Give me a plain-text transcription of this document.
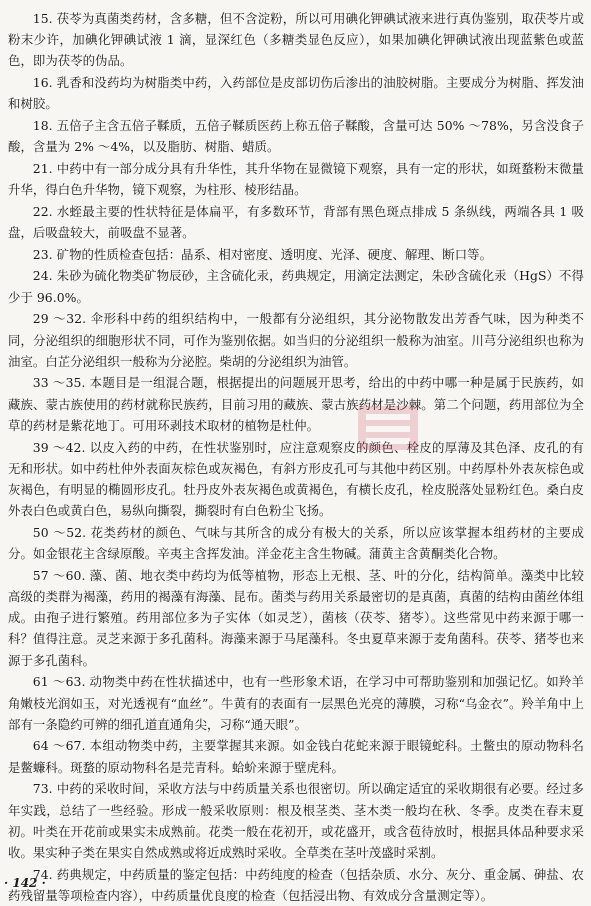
15. 茯苓为真菌类药材，含多糖，但不含淀粉，所以可用碘化钾碘试液来进行真伪鉴别，取茯苓片或粉末少许，加碘化钾碘试液 1 滴，显深红色（多糖类显色反应），如果加碘化钾碘试液出现蓝紫色或蓝色，即为茯苓的伪品。

16. 乳香和没药均为树脂类中药，入药部位是皮部切伤后渗出的油胶树脂。主要成分为树脂、挥发油和树胶。

18. 五倍子主含五倍子鞣质，五倍子鞣质医药上称五倍子鞣酸，含量可达 50% ～78%，另含没食子酸，含量为 2% ～4%，以及脂肪、树脂、蜡质。

21. 中药中有一部分成分具有升华性，其升华物在显微镜下观察，具有一定的形状，如斑蝥粉末微量升华，得白色升华物，镜下观察，为柱形、棱形结晶。

22. 水蛭最主要的性状特征是体扁平，有多数环节，背部有黑色斑点排成 5 条纵线，两端各具 1 吸盘，后吸盘较大，前吸盘不显著。

23. 矿物的性质检查包括：晶系、相对密度、透明度、光泽、硬度、解理、断口等。

24. 朱砂为硫化物类矿物辰砂，主含硫化汞，药典规定，用滴定法测定，朱砂含硫化汞（HgS）不得少于 96.0%。

29 ～32. 伞形科中药的组织结构中，一般都有分泌组织，其分泌物散发出芳香气味，因为种类不同，分泌组织的细胞形状不同，可作为鉴别依据。如当归的分泌组织一般称为油室。川芎分泌组织也称为油室。白芷分泌组织一般称为分泌腔。柴胡的分泌组织为油管。

33 ～35. 本题目是一组混合题，根据提出的问题展开思考，给出的中药中哪一种是属于民族药，如藏族、蒙古族使用的药材就称民族药，目前习用的藏族、蒙古族药材是沙棘。第二个问题，药用部位为全草的药材是紫花地丁。可用环剥技术取材的植物是杜仲。

39 ～42. 以皮入药的中药，在性状鉴别时，应注意观察皮的颜色、栓皮的厚薄及其色泽、皮孔的有无和形状。如中药杜仲外表面灰棕色或灰褐色，有斜方形皮孔可与其他中药区别。中药厚朴外表灰棕色或灰褐色，有明显的椭圆形皮孔。牡丹皮外表灰褐色或黄褐色，有横长皮孔，栓皮脱落处显粉红色。桑白皮外表白色或黄白色，易纵向撕裂，撕裂时有白色粉尘飞扬。

50 ～52. 花类药材的颜色、气味与其所含的成分有极大的关系，所以应该掌握本组药材的主要成分。如金银花主含绿原酸。辛夷主含挥发油。洋金花主含生物碱。蒲黄主含黄酮类化合物。

57 ～60. 藻、菌、地衣类中药均为低等植物，形态上无根、茎、叶的分化，结构简单。藻类中比较高级的类群为褐藻，药用的褐藻有海藻、昆布。菌类与药用关系最密切的是真菌，真菌的结构由菌丝体组成。由孢子进行繁殖。药用部位多为子实体（如灵芝），菌核（茯苓、猪苓）。这些常见中药来源于哪一科？值得注意。灵芝来源于多孔菌科。海藻来源于马尾藻科。冬虫夏草来源于麦角菌科。茯苓、猪苓也来源于多孔菌科。

61 ～63. 动物类中药在性状描述中，也有一些形象术语，在学习中可帮助鉴别和加强记忆。如羚羊角嫩枝光润如玉，对光透视有“血丝”。牛黄有的表面有一层黑色光亮的薄膜，习称“乌金衣”。羚羊角中上部有一条隐约可辨的细孔道直通角尖，习称“通天眼”。

64 ～67. 本组动物类中药，主要掌握其来源。如金钱白花蛇来源于眼镜蛇科。土鳖虫的原动物科名是鳖蠊科。斑蝥的原动物科名是芫青科。蛤蚧来源于壁虎科。

73. 中药的采收时间，采收方法与中药质量关系也很密切。所以确定适宜的采收期很有必要。经过多年实践，总结了一些经验。形成一般采收原则：根及根茎类、茎木类一般均在秋、冬季。皮类在春末夏初。叶类在开花前或果实未成熟前。花类一般在花初开，或花盛开，或含苞待放时，根据具体品种要求采收。果实种子类在果实自然成熟或将近成熟时采收。全草类在茎叶茂盛时采割。

74. 药典规定，中药质量的鉴定包括：中药纯度的检查（包括杂质、水分、灰分、重金属、砷盐、农药残留量等项检查内容），中药质量优良度的检查（包括浸出物、有效成分含量测定等）。

· 142 ·
